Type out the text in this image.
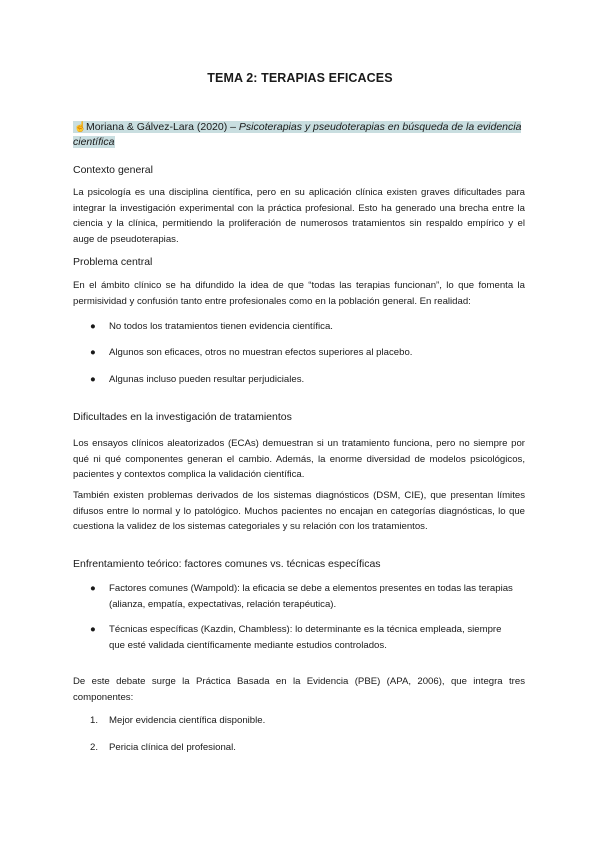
TEMA 2: TERAPIAS EFICACES
☝Moriana & Gálvez-Lara (2020) – Psicoterapias y pseudoterapias en búsqueda de la evidencia científica
Contexto general

La psicología es una disciplina científica, pero en su aplicación clínica existen graves dificultades para integrar la investigación experimental con la práctica profesional. Esto ha generado una brecha entre la ciencia y la clínica, permitiendo la proliferación de numerosos tratamientos sin respaldo empírico y el auge de pseudoterapias.

Problema central

En el ámbito clínico se ha difundido la idea de que “todas las terapias funcionan”, lo que fomenta la permisividad y confusión tanto entre profesionales como en la población general. En realidad:

●	No todos los tratamientos tienen evidencia científica.
●	Algunos son eficaces, otros no muestran efectos superiores al placebo.
●	Algunas incluso pueden resultar perjudiciales.
Dificultades en la investigación de tratamientos

Los ensayos clínicos aleatorizados (ECAs) demuestran si un tratamiento funciona, pero no siempre por qué ni qué componentes generan el cambio. Además, la enorme diversidad de modelos psicológicos, pacientes y contextos complica la validación científica.

También existen problemas derivados de los sistemas diagnósticos (DSM, CIE), que presentan límites difusos entre lo normal y lo patológico. Muchos pacientes no encajan en categorías diagnósticas, lo que cuestiona la validez de los sistemas categoriales y su relación con los tratamientos.

Enfrentamiento teórico: factores comunes vs. técnicas específicas
●	Factores comunes (Wampold): la eficacia se debe a elementos presentes en todas las terapias (alianza, empatía, expectativas, relación terapéutica).
●	Técnicas específicas (Kazdin, Chambless): lo determinante es la técnica empleada, siempre que esté validada científicamente mediante estudios controlados.

De este debate surge la Práctica Basada en la Evidencia (PBE) (APA, 2006), que integra tres componentes:

1.	Mejor evidencia científica disponible.
2.	Pericia clínica del profesional.
